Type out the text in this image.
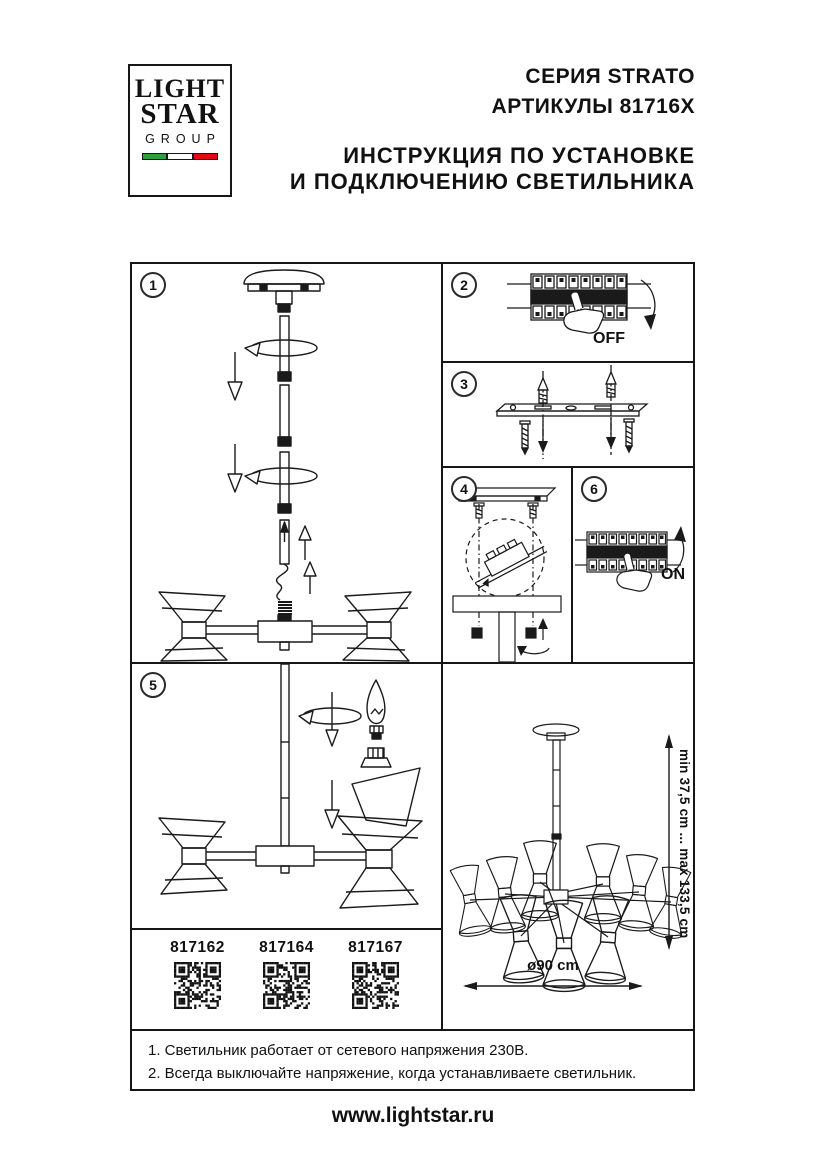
LIGHT
STAR
GROUP
СЕРИЯ STRATO
АРТИКУЛЫ 81716X
ИНСТРУКЦИЯ ПО УСТАНОВКЕ
И ПОДКЛЮЧЕНИЮ СВЕТИЛЬНИКА
1	2
OFF
3
4	6
ON
5
817162	817164	817167
min 37,5 cm ... max 133,5 cm
ø90 cm
1. Светильник работает от сетевого напряжения 230В.
2. Всегда выключайте напряжение, когда устанавливаете светильник.
www.lightstar.ru
